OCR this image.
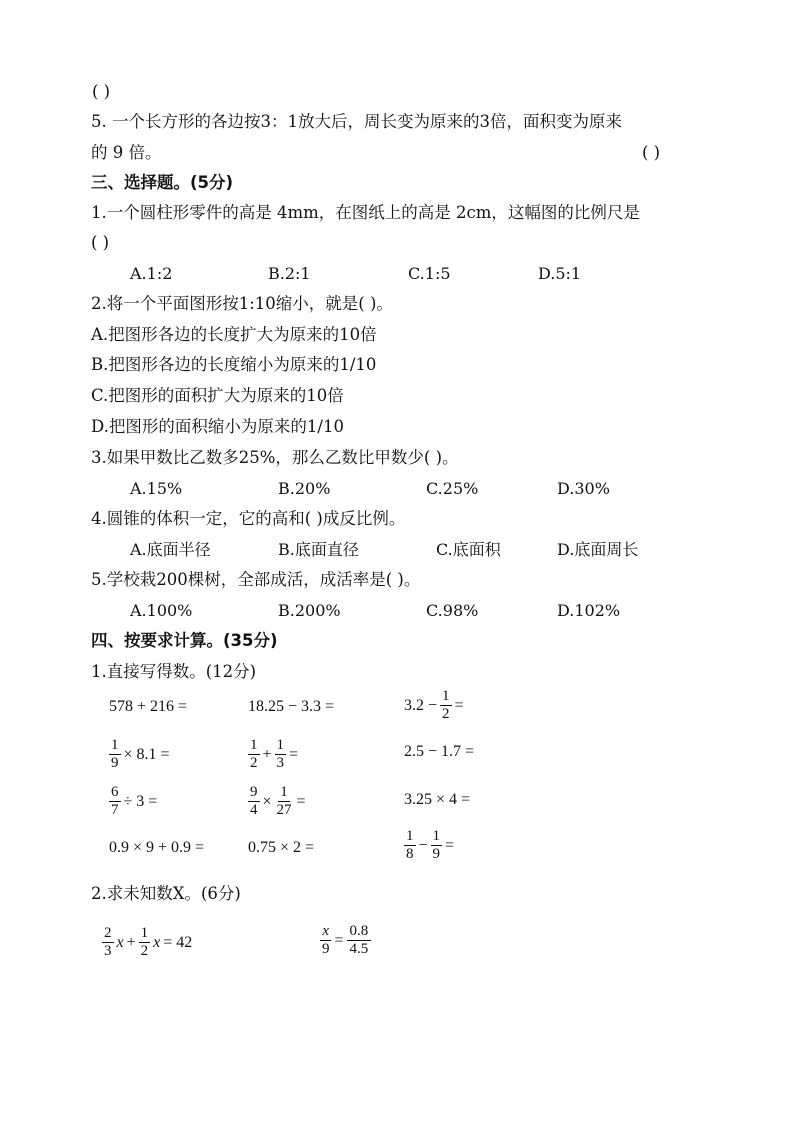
( )
5. 一个长方形的各边按3：1放大后，周长变为原来的3倍，面积变为原来
的 9 倍。	( )
三、选择题。(5分)
1.一个圆柱形零件的高是 4mm，在图纸上的高是 2cm，这幅图的比例尺是
( )
A.1:2	B.2:1	C.1:5	D.5:1
2.将一个平面图形按1:10缩小，就是( )。
A.把图形各边的长度扩大为原来的10倍
B.把图形各边的长度缩小为原来的1/10
C.把图形的面积扩大为原来的10倍
D.把图形的面积缩小为原来的1/10
3.如果甲数比乙数多25%，那么乙数比甲数少( )。
A.15%	B.20%	C.25%	D.30%
4.圆锥的体积一定，它的高和( )成反比例。
A.底面半径	B.底面直径	C.底面积	D.底面周长
5.学校栽200棵树，全部成活，成活率是( )。
A.100%	B.200%	C.98%	D.102%
四、按要求计算。(35分)
1.直接写得数。(12分)
578 + 216 =	18.25 − 3.3 =	$3.2 - \frac{1}{2}$ =
$\frac{1}{9} \times 8.1$ =	$\frac{1}{2} + \frac{1}{3}$ =	2.5 − 1.7 =
$\frac{6}{7} \div 3$ =	$\frac{9}{4} \times \frac{1}{27}$ =	3.25 × 4 =
0.9 × 9 + 0.9 =	0.75 × 2 =	$\frac{1}{8} - \frac{1}{9}$ =
2.求未知数X。(6分)
$\frac{2}{3}$ $x + \frac{1}{2}$ x = 42	$\frac{x}{9} = \frac{0.8}{4.5}$
